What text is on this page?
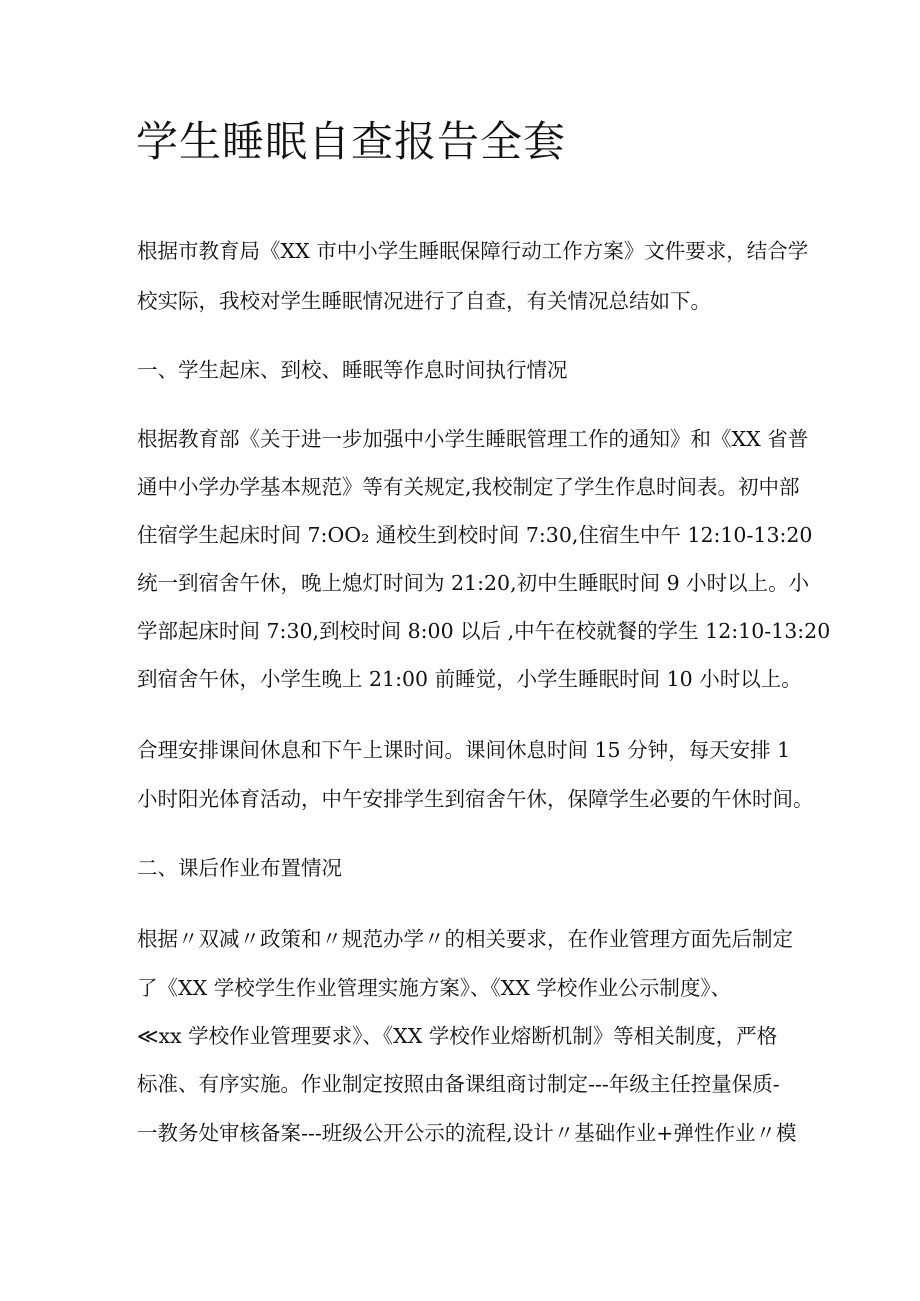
学生睡眠自查报告全套

根据市教育局《XX 市中小学生睡眠保障行动工作方案》文件要求，结合学

校实际，我校对学生睡眠情况进行了自查，有关情况总结如下。

一、学生起床、到校、睡眠等作息时间执行情况

根据教育部《关于进一步加强中小学生睡眠管理工作的通知》和《XX 省普

通中小学办学基本规范》等有关规定,我校制定了学生作息时间表。初中部

住宿学生起床时间 7:OO₂ 通校生到校时间 7:30,住宿生中午 12:10-13:20

统一到宿舍午休，晚上熄灯时间为 21:20,初中生睡眠时间 9 小时以上。小

学部起床时间 7:30,到校时间 8:00 以后 ,中午在校就餐的学生 12:10-13:20

到宿舍午休，小学生晚上 21:00 前睡觉，小学生睡眠时间 10 小时以上。

合理安排课间休息和下午上课时间。课间休息时间 15 分钟，每天安排 1

小时阳光体育活动，中午安排学生到宿舍午休，保障学生必要的午休时间。

二、课后作业布置情况

根据〃双减〃政策和〃规范办学〃的相关要求，在作业管理方面先后制定

了《XX 学校学生作业管理实施方案》、《XX 学校作业公示制度》、

≪xx 学校作业管理要求》、《XX 学校作业熔断机制》等相关制度，严格

标准、有序实施。作业制定按照由备课组商讨制定---年级主任控量保质-

一教务处审核备案---班级公开公示的流程,设计〃基础作业+弹性作业〃模
